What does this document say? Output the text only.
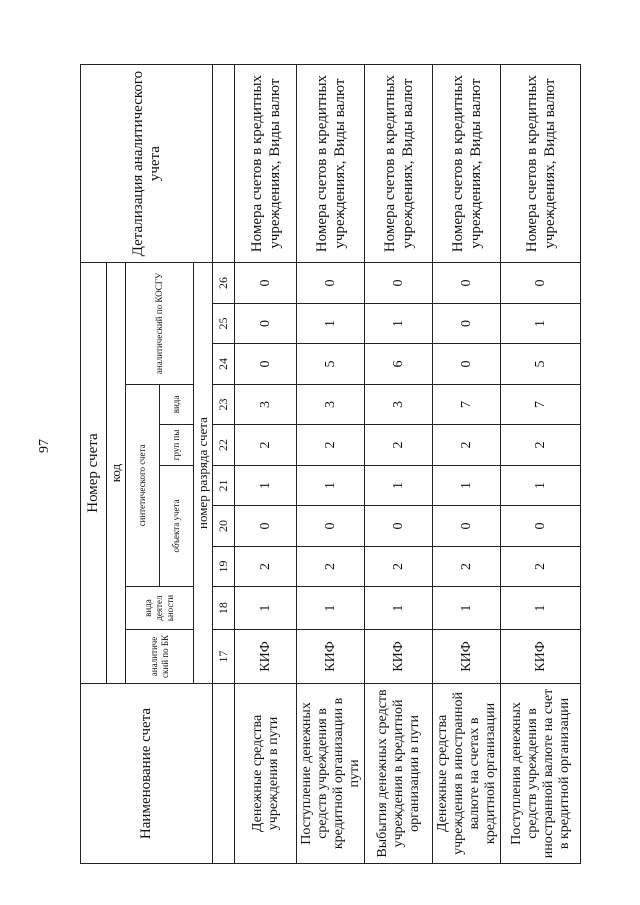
97
Наименование счета	Номер счета										Детализация аналитического учета
	код										
	аналитиче ский по БК	вида деятел ьности	синтетического счета					аналитический по КОСГУ			
			объекта учета			груп пы	вида				
	номер разряда счета										
	17	18	19	20	21	22	23	24	25	26	
Денежные средства учреждения в пути	КИФ	1	2	0	1	2	3	0	0	0	Номера счетов в кредитных учреждениях, Виды валют
Поступление денежных средств учреждения в кредитной организации в пути	КИФ	1	2	0	1	2	3	5	1	0	Номера счетов в кредитных учреждениях, Виды валют
Выбытия денежных средств учреждения в кредитной организации в пути	КИФ	1	2	0	1	2	3	6	1	0	Номера счетов в кредитных учреждениях, Виды валют
Денежные средства учреждения в иностранной валюте на счетах в кредитной организации	КИФ	1	2	0	1	2	7	0	0	0	Номера счетов в кредитных учреждениях, Виды валют
Поступления денежных средств учреждения в иностранной валюте на счет в кредитной организации	КИФ	1	2	0	1	2	7	5	1	0	Номера счетов в кредитных учреждениях, Виды валют
